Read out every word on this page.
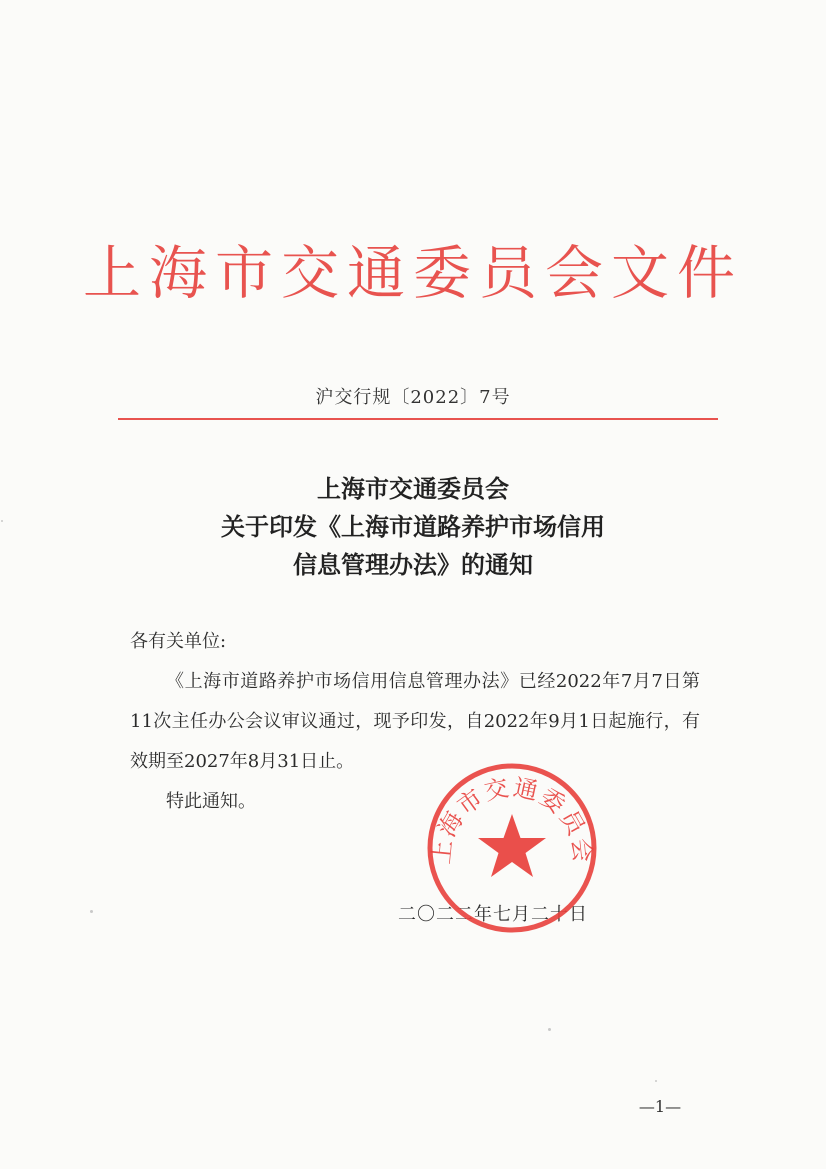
上海市交通委员会文件
沪交行规〔2022〕7号
上海市交通委员会
关于印发《上海市道路养护市场信用
信息管理办法》的通知
各有关单位:
《上海市道路养护市场信用信息管理办法》已经2022年7月7日第11次主任办公会议审议通过，现予印发，自2022年9月1日起施行，有效期至2027年8月31日止。
特此通知。
二〇二二年七月二十日
上海市交通委员会
—1—
